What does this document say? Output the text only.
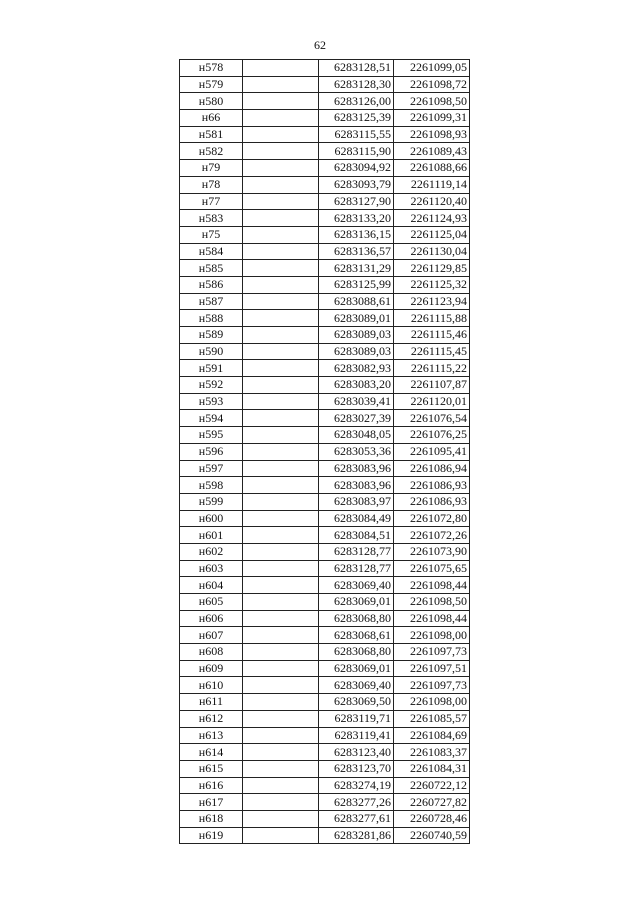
62
н578		6283128,51	2261099,05
н579		6283128,30	2261098,72
н580		6283126,00	2261098,50
н66		6283125,39	2261099,31
н581		6283115,55	2261098,93
н582		6283115,90	2261089,43
н79		6283094,92	2261088,66
н78		6283093,79	2261119,14
н77		6283127,90	2261120,40
н583		6283133,20	2261124,93
н75		6283136,15	2261125,04
н584		6283136,57	2261130,04
н585		6283131,29	2261129,85
н586		6283125,99	2261125,32
н587		6283088,61	2261123,94
н588		6283089,01	2261115,88
н589		6283089,03	2261115,46
н590		6283089,03	2261115,45
н591		6283082,93	2261115,22
н592		6283083,20	2261107,87
н593		6283039,41	2261120,01
н594		6283027,39	2261076,54
н595		6283048,05	2261076,25
н596		6283053,36	2261095,41
н597		6283083,96	2261086,94
н598		6283083,96	2261086,93
н599		6283083,97	2261086,93
н600		6283084,49	2261072,80
н601		6283084,51	2261072,26
н602		6283128,77	2261073,90
н603		6283128,77	2261075,65
н604		6283069,40	2261098,44
н605		6283069,01	2261098,50
н606		6283068,80	2261098,44
н607		6283068,61	2261098,00
н608		6283068,80	2261097,73
н609		6283069,01	2261097,51
н610		6283069,40	2261097,73
н611		6283069,50	2261098,00
н612		6283119,71	2261085,57
н613		6283119,41	2261084,69
н614		6283123,40	2261083,37
н615		6283123,70	2261084,31
н616		6283274,19	2260722,12
н617		6283277,26	2260727,82
н618		6283277,61	2260728,46
н619		6283281,86	2260740,59
